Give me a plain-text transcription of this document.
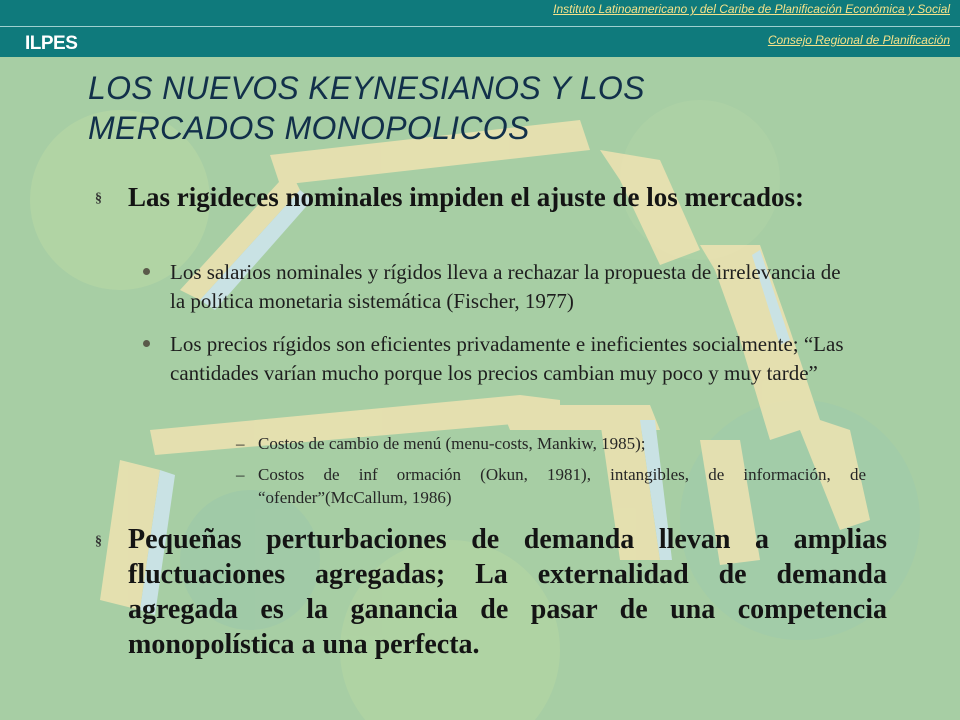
ILPES
Instituto Latinoamericano y del Caribe de Planificación Económica y Social
Consejo Regional de Planificación
LOS NUEVOS KEYNESIANOS Y LOS
MERCADOS MONOPOLICOS
§ Las rigideces nominales impiden el ajuste de los mercados:
Los salarios nominales y rígidos lleva a rechazar la propuesta de irrelevancia de la política monetaria sistemática (Fischer, 1977)
Los precios rígidos son eficientes privadamente e ineficientes socialmente; “Las cantidades varían mucho porque los precios cambian muy poco y muy tarde”
– Costos de cambio de menú (menu-costs, Mankiw, 1985);
– Costos de inf ormación (Okun, 1981), intangibles, de información, de “ofender”(McCallum, 1986)
§ Pequeñas perturbaciones de demanda llevan a amplias fluctuaciones agregadas; La externalidad de demanda agregada es la ganancia de pasar de una competencia monopolística a una perfecta.
